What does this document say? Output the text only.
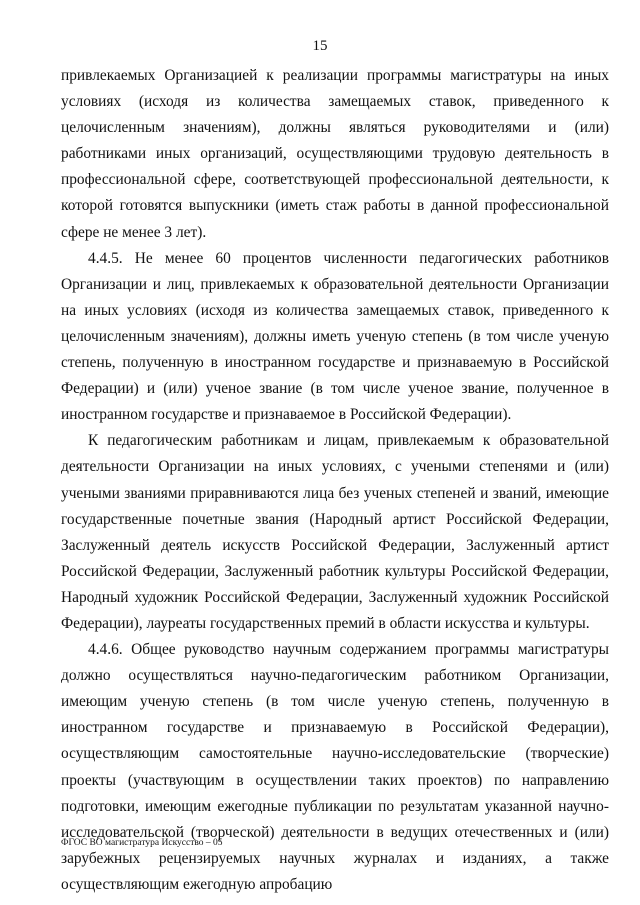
15

привлекаемых Организацией к реализации программы магистратуры на иных условиях (исходя из количества замещаемых ставок, приведенного к целочисленным значениям), должны являться руководителями и (или) работниками иных организаций, осуществляющими трудовую деятельность в профессиональной сфере, соответствующей профессиональной деятельности, к которой готовятся выпускники (иметь стаж работы в данной профессиональной сфере не менее 3 лет).

4.4.5. Не менее 60 процентов численности педагогических работников Организации и лиц, привлекаемых к образовательной деятельности Организации на иных условиях (исходя из количества замещаемых ставок, приведенного к целочисленным значениям), должны иметь ученую степень (в том числе ученую степень, полученную в иностранном государстве и признаваемую в Российской Федерации) и (или) ученое звание (в том числе ученое звание, полученное в иностранном государстве и признаваемое в Российской Федерации).

К педагогическим работникам и лицам, привлекаемым к образовательной деятельности Организации на иных условиях, с учеными степенями и (или) учеными званиями приравниваются лица без ученых степеней и званий, имеющие государственные почетные звания (Народный артист Российской Федерации, Заслуженный деятель искусств Российской Федерации, Заслуженный артист Российской Федерации, Заслуженный работник культуры Российской Федерации, Народный художник Российской Федерации, Заслуженный художник Российской Федерации), лауреаты государственных премий в области искусства и культуры.

4.4.6. Общее руководство научным содержанием программы магистратуры должно осуществляться научно-педагогическим работником Организации, имеющим ученую степень (в том числе ученую степень, полученную в иностранном государстве и признаваемую в Российской Федерации), осуществляющим самостоятельные научно-исследовательские (творческие) проекты (участвующим в осуществлении таких проектов) по направлению подготовки, имеющим ежегодные публикации по результатам указанной научно-исследовательской (творческой) деятельности в ведущих отечественных и (или) зарубежных рецензируемых научных журналах и изданиях, а также осуществляющим ежегодную апробацию

ФГОС ВО магистратура Искусство – 05
